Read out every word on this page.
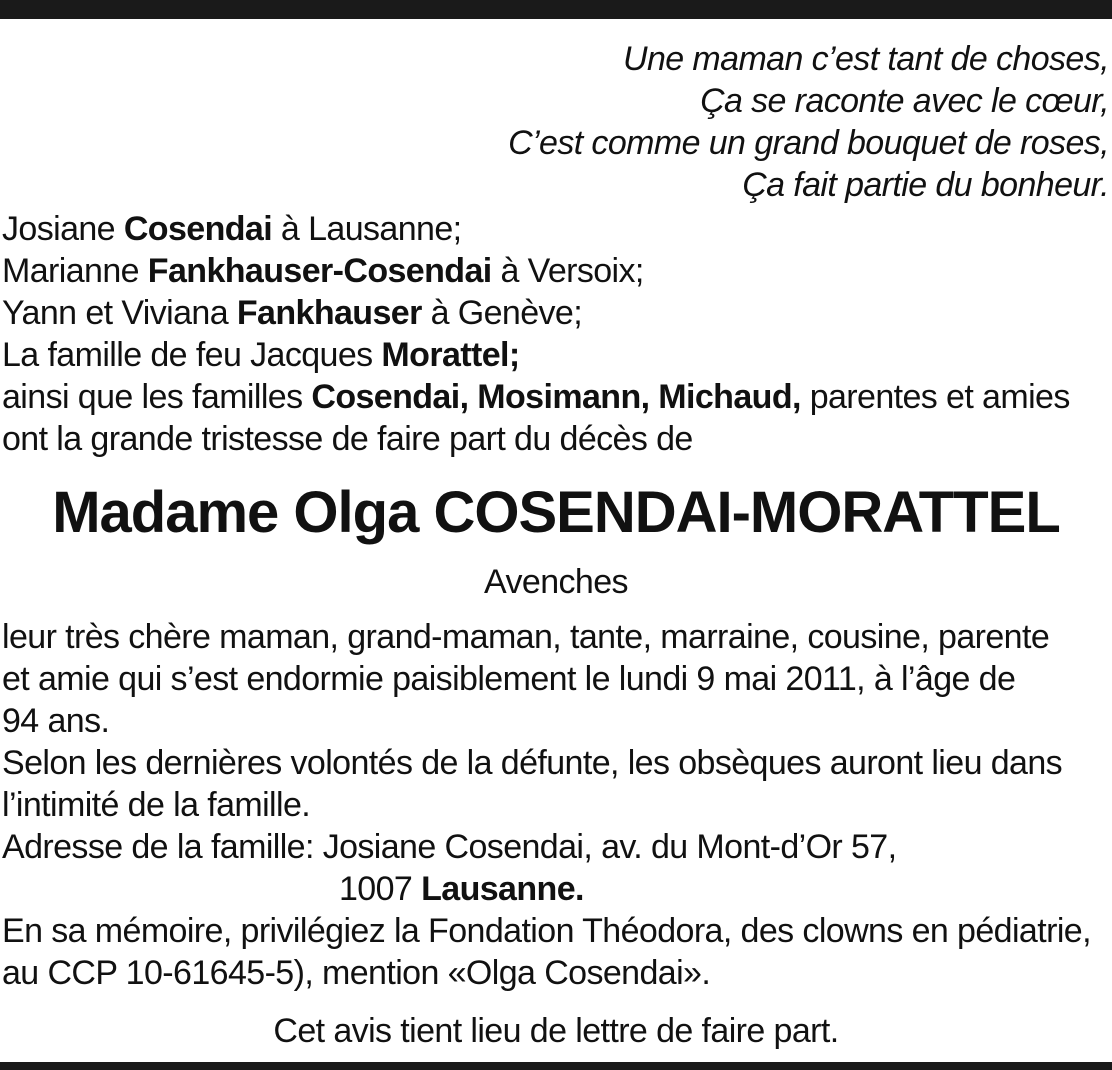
Une maman c’est tant de choses,
Ça se raconte avec le cœur,
C’est comme un grand bouquet de roses,
Ça fait partie du bonheur.
Josiane Cosendai à Lausanne;
Marianne Fankhauser-Cosendai à Versoix;
Yann et Viviana Fankhauser à Genève;
La famille de feu Jacques Morattel;
ainsi que les familles Cosendai, Mosimann, Michaud, parentes et amies
ont la grande tristesse de faire part du décès de
Madame Olga COSENDAI-MORATTEL
Avenches
leur très chère maman, grand-maman, tante, marraine, cousine, parente
et amie qui s’est endormie paisiblement le lundi 9 mai 2011, à l’âge de
94 ans.
Selon les dernières volontés de la défunte, les obsèques auront lieu dans
l’intimité de la famille.
Adresse de la famille: Josiane Cosendai, av. du Mont-d’Or 57,
1007 Lausanne.
En sa mémoire, privilégiez la Fondation Théodora, des clowns en pédiatrie,
au CCP 10-61645-5), mention «Olga Cosendai».
Cet avis tient lieu de lettre de faire part.
